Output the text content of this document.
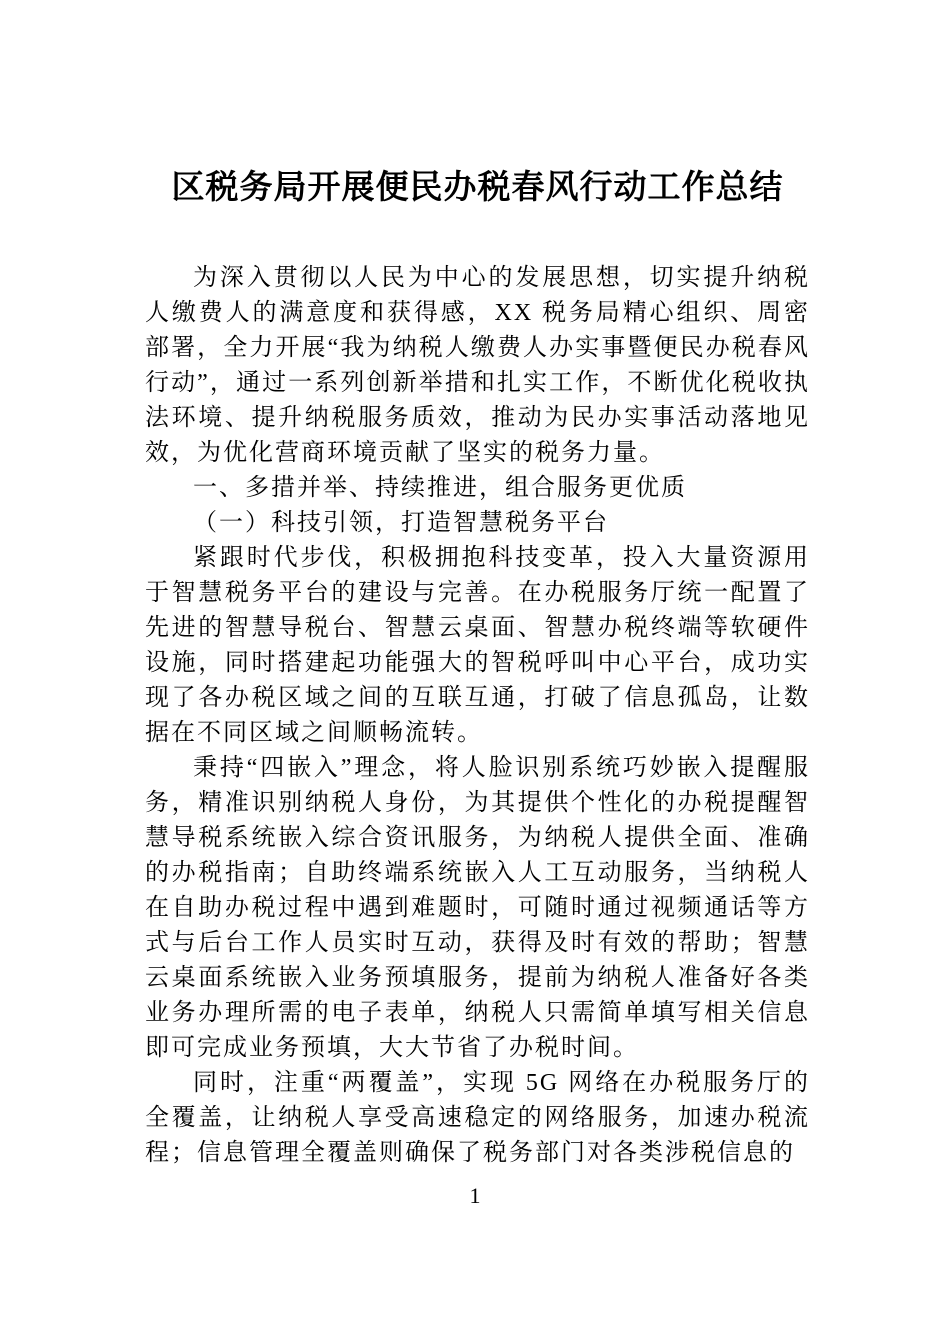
区税务局开展便民办税春风行动工作总结

为深入贯彻以人民为中心的发展思想，切实提升纳税人缴费人的满意度和获得感，XX 税务局精心组织、周密部署，全力开展“我为纳税人缴费人办实事暨便民办税春风行动”，通过一系列创新举措和扎实工作，不断优化税收执法环境、提升纳税服务质效，推动为民办实事活动落地见效，为优化营商环境贡献了坚实的税务力量。

一、多措并举、持续推进，组合服务更优质

（一）科技引领，打造智慧税务平台

紧跟时代步伐，积极拥抱科技变革，投入大量资源用于智慧税务平台的建设与完善。在办税服务厅统一配置了先进的智慧导税台、智慧云桌面、智慧办税终端等软硬件设施，同时搭建起功能强大的智税呼叫中心平台，成功实现了各办税区域之间的互联互通，打破了信息孤岛，让数据在不同区域之间顺畅流转。

秉持“四嵌入”理念，将人脸识别系统巧妙嵌入提醒服务，精准识别纳税人身份，为其提供个性化的办税提醒智慧导税系统嵌入综合资讯服务，为纳税人提供全面、准确的办税指南；自助终端系统嵌入人工互动服务，当纳税人在自助办税过程中遇到难题时，可随时通过视频通话等方式与后台工作人员实时互动，获得及时有效的帮助；智慧云桌面系统嵌入业务预填服务，提前为纳税人准备好各类业务办理所需的电子表单，纳税人只需简单填写相关信息即可完成业务预填，大大节省了办税时间。

同时，注重“两覆盖”，实现 5G 网络在办税服务厅的全覆盖，让纳税人享受高速稳定的网络服务，加速办税流程；信息管理全覆盖则确保了税务部门对各类涉税信息的

1
